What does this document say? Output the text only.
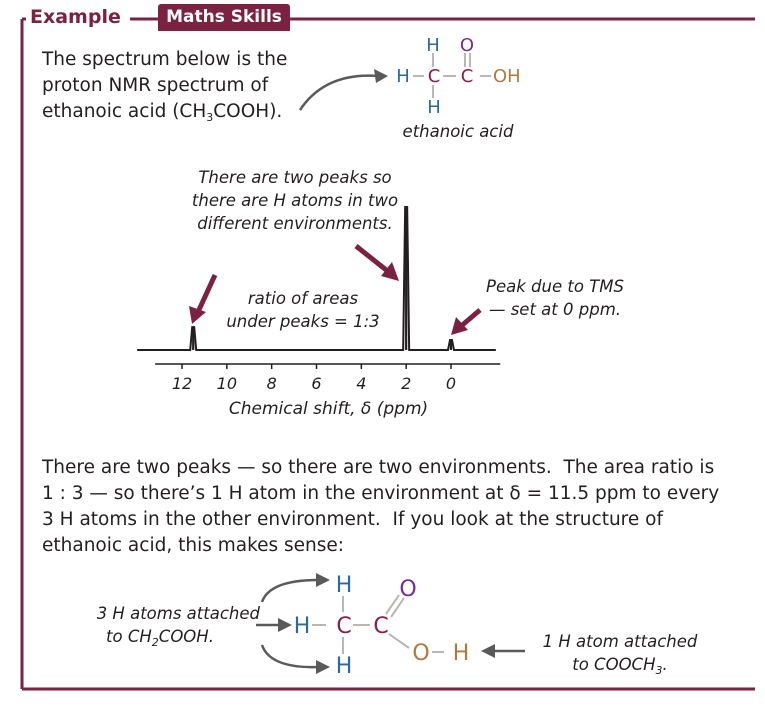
Example	Maths Skills
The spectrum below is the
proton NMR spectrum of
ethanoic acid $(CH_3COOH)$.
H O
H C C OH
H
ethanoic acid
12 10 8 6 4 2 0
Chemical shift, δ (ppm)
There are two peaks so
there are H atoms in two
different environments.
ratio of areas
under peaks = 1:3
Peak due to TMS
— set at 0 ppm.
There are two peaks — so there are two environments.  The area ratio is
1 : 3 — so there’s 1 H atom in the environment at δ = 11.5 ppm to every
3 H atoms in the other environment.  If you look at the structure of
ethanoic acid, this makes sense:
H O
H C C
O H
H
3 H atoms attached
to $CH_2COOH$.	1 H atom attached
to $COOCH_3$.
